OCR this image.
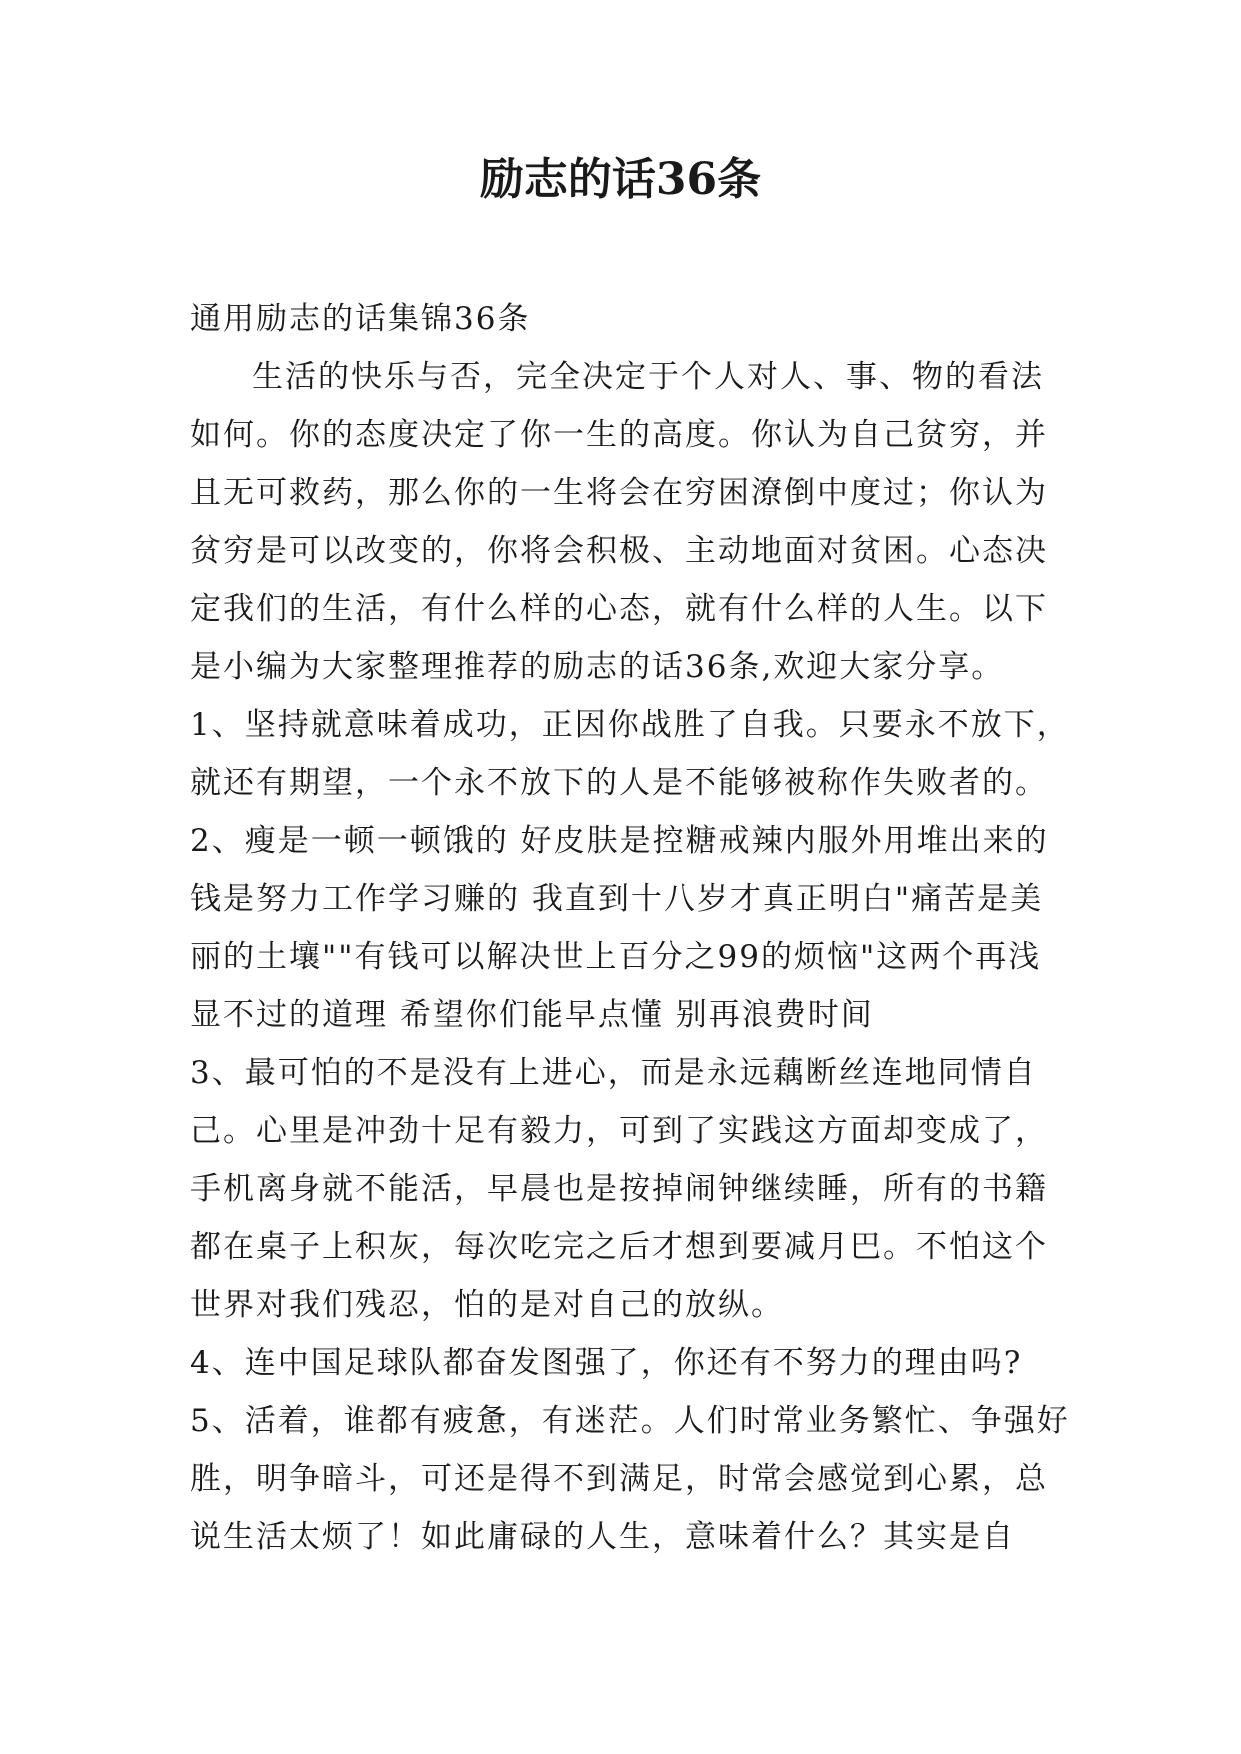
励志的话36条

通用励志的话集锦36条

生活的快乐与否，完全决定于个人对人、事、物的看法如何。你的态度决定了你一生的高度。你认为自己贫穷，并且无可救药，那么你的一生将会在穷困潦倒中度过；你认为贫穷是可以改变的，你将会积极、主动地面对贫困。心态决定我们的生活，有什么样的心态，就有什么样的人生。以下是小编为大家整理推荐的励志的话36条,欢迎大家分享。

1、坚持就意味着成功，正因你战胜了自我。只要永不放下，就还有期望，一个永不放下的人是不能够被称作失败者的。

2、瘦是一顿一顿饿的 好皮肤是控糖戒辣内服外用堆出来的 钱是努力工作学习赚的 我直到十八岁才真正明白"痛苦是美丽的土壤""有钱可以解决世上百分之99的烦恼"这两个再浅显不过的道理 希望你们能早点懂 别再浪费时间

3、最可怕的不是没有上进心，而是永远藕断丝连地同情自己。心里是冲劲十足有毅力，可到了实践这方面却变成了，手机离身就不能活，早晨也是按掉闹钟继续睡，所有的书籍都在桌子上积灰，每次吃完之后才想到要减月巴。不怕这个世界对我们残忍，怕的是对自己的放纵。

4、连中国足球队都奋发图强了，你还有不努力的理由吗?

5、活着，谁都有疲惫，有迷茫。人们时常业务繁忙、争强好胜，明争暗斗，可还是得不到满足，时常会感觉到心累，总说生活太烦了！如此庸碌的人生，意味着什么？其实是自
